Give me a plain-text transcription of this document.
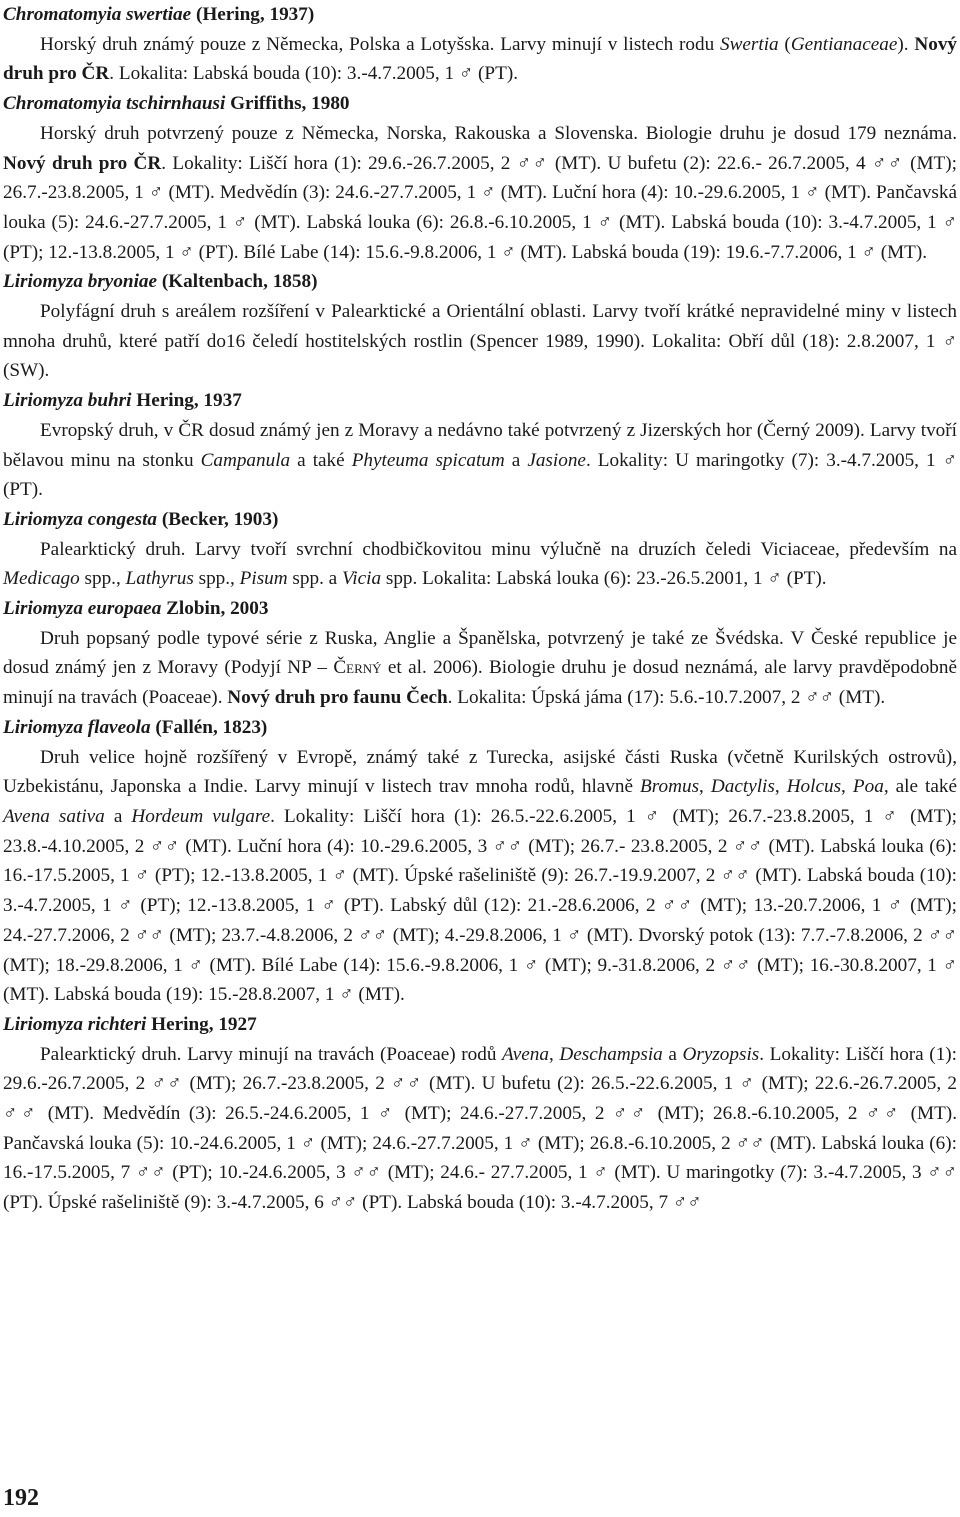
Chromatomyia swertiae (Hering, 1937)

Horský druh známý pouze z Německa, Polska a Lotyšska. Larvy minují v listech rodu Swertia (Gentianaceae). Nový druh pro ČR. Lokalita: Labská bouda (10): 3.-4.7.2005, 1 ♂ (PT).

Chromatomyia tschirnhausi Griffiths, 1980

Horský druh potvrzený pouze z Německa, Norska, Rakouska a Slovenska. Biologie druhu je dosud 179 neznáma. Nový druh pro ČR. Lokality: Liščí hora (1): 29.6.-26.7.2005, 2 ♂♂ (MT). U bufetu (2): 22.6.- 26.7.2005, 4 ♂♂ (MT); 26.7.-23.8.2005, 1 ♂ (MT). Medvědín (3): 24.6.-27.7.2005, 1 ♂ (MT). Luční hora (4): 10.-29.6.2005, 1 ♂ (MT). Pančavská louka (5): 24.6.-27.7.2005, 1 ♂ (MT). Labská louka (6): 26.8.-6.10.2005, 1 ♂ (MT). Labská bouda (10): 3.-4.7.2005, 1 ♂ (PT); 12.-13.8.2005, 1 ♂ (PT). Bílé Labe (14): 15.6.-9.8.2006, 1 ♂ (MT). Labská bouda (19): 19.6.-7.7.2006, 1 ♂ (MT).

Liriomyza bryoniae (Kaltenbach, 1858)

Polyfágní druh s areálem rozšíření v Palearktické a Orientální oblasti. Larvy tvoří krátké nepravidelné miny v listech mnoha druhů, které patří do16 čeledí hostitelských rostlin (Spencer 1989, 1990). Lokalita: Obří důl (18): 2.8.2007, 1 ♂ (SW).

Liriomyza buhri Hering, 1937

Evropský druh, v ČR dosud známý jen z Moravy a nedávno také potvrzený z Jizerských hor (Černý 2009). Larvy tvoří bělavou minu na stonku Campanula a také Phyteuma spicatum a Jasione. Lokality: U maringotky (7): 3.-4.7.2005, 1 ♂ (PT).

Liriomyza congesta (Becker, 1903)

Palearktický druh. Larvy tvoří svrchní chodbičkovitou minu výlučně na druzích čeledi Viciaceae, především na Medicago spp., Lathyrus spp., Pisum spp. a Vicia spp. Lokalita: Labská louka (6): 23.-26.5.2001, 1 ♂ (PT).

Liriomyza europaea Zlobin, 2003

Druh popsaný podle typové série z Ruska, Anglie a Španělska, potvrzený je také ze Švédska. V České republice je dosud známý jen z Moravy (Podyjí NP – Černý et al. 2006). Biologie druhu je dosud neznámá, ale larvy pravděpodobně minují na travách (Poaceae). Nový druh pro faunu Čech. Lokalita: Úpská jáma (17): 5.6.-10.7.2007, 2 ♂♂ (MT).

Liriomyza flaveola (Fallén, 1823)

Druh velice hojně rozšířený v Evropě, známý také z Turecka, asijské části Ruska (včetně Kurilských ostrovů), Uzbekistánu, Japonska a Indie. Larvy minují v listech trav mnoha rodů, hlavně Bromus, Dactylis, Holcus, Poa, ale také Avena sativa a Hordeum vulgare. Lokality: Liščí hora (1): 26.5.-22.6.2005, 1 ♂ (MT); 26.7.-23.8.2005, 1 ♂ (MT); 23.8.-4.10.2005, 2 ♂♂ (MT). Luční hora (4): 10.-29.6.2005, 3 ♂♂ (MT); 26.7.- 23.8.2005, 2 ♂♂ (MT). Labská louka (6): 16.-17.5.2005, 1 ♂ (PT); 12.-13.8.2005, 1 ♂ (MT). Úpské rašeliniště (9): 26.7.-19.9.2007, 2 ♂♂ (MT). Labská bouda (10): 3.-4.7.2005, 1 ♂ (PT); 12.-13.8.2005, 1 ♂ (PT). Labský důl (12): 21.-28.6.2006, 2 ♂♂ (MT); 13.-20.7.2006, 1 ♂ (MT); 24.-27.7.2006, 2 ♂♂ (MT); 23.7.-4.8.2006, 2 ♂♂ (MT); 4.-29.8.2006, 1 ♂ (MT). Dvorský potok (13): 7.7.-7.8.2006, 2 ♂♂ (MT); 18.-29.8.2006, 1 ♂ (MT). Bílé Labe (14): 15.6.-9.8.2006, 1 ♂ (MT); 9.-31.8.2006, 2 ♂♂ (MT); 16.-30.8.2007, 1 ♂ (MT). Labská bouda (19): 15.-28.8.2007, 1 ♂ (MT).

Liriomyza richteri Hering, 1927

Palearktický druh. Larvy minují na travách (Poaceae) rodů Avena, Deschampsia a Oryzopsis. Lokality: Liščí hora (1): 29.6.-26.7.2005, 2 ♂♂ (MT); 26.7.-23.8.2005, 2 ♂♂ (MT). U bufetu (2): 26.5.-22.6.2005, 1 ♂ (MT); 22.6.-26.7.2005, 2 ♂♂ (MT). Medvědín (3): 26.5.-24.6.2005, 1 ♂ (MT); 24.6.-27.7.2005, 2 ♂♂ (MT); 26.8.-6.10.2005, 2 ♂♂ (MT). Pančavská louka (5): 10.-24.6.2005, 1 ♂ (MT); 24.6.-27.7.2005, 1 ♂ (MT); 26.8.-6.10.2005, 2 ♂♂ (MT). Labská louka (6): 16.-17.5.2005, 7 ♂♂ (PT); 10.-24.6.2005, 3 ♂♂ (MT); 24.6.- 27.7.2005, 1 ♂ (MT). U maringotky (7): 3.-4.7.2005, 3 ♂♂ (PT). Úpské rašeliniště (9): 3.-4.7.2005, 6 ♂♂ (PT). Labská bouda (10): 3.-4.7.2005, 7 ♂♂

192
